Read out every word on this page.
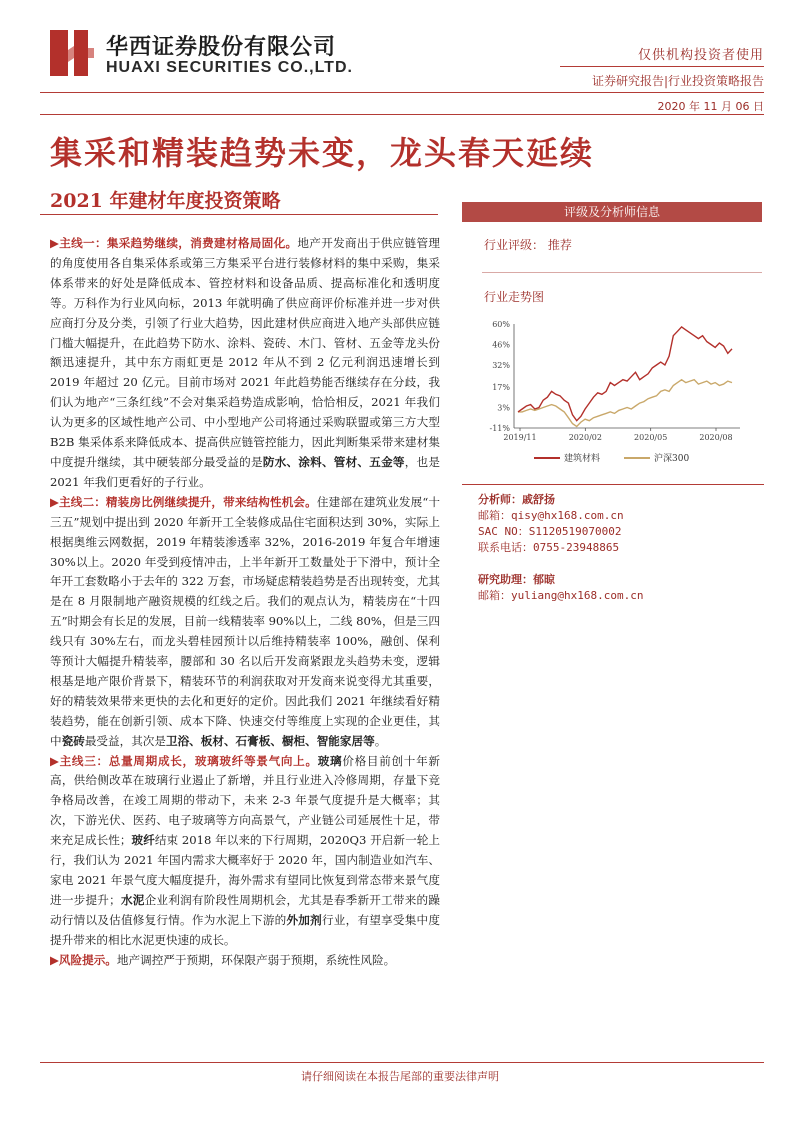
华西证券股份有限公司
HUAXI SECURITIES CO.,LTD.
仅供机构投资者使用
证券研究报告|行业投资策略报告
2020 年 11 月 06 日
集采和精装趋势未变，龙头春天延续
2021 年建材年度投资策略

▶主线一：集采趋势继续，消费建材格局固化。地产开发商出于供应链管理的角度使用各自集采体系或第三方集采平台进行装修材料的集中采购，集采体系带来的好处是降低成本、管控材料和设备品质、提高标准化和透明度等。万科作为行业风向标，2013 年就明确了供应商评价标准并进一步对供应商打分及分类，引领了行业大趋势，因此建材供应商进入地产头部供应链门槛大幅提升，在此趋势下防水、涂料、瓷砖、木门、管材、五金等龙头份额迅速提升，其中东方雨虹更是 2012 年从不到 2 亿元利润迅速增长到 2019 年超过 20 亿元。目前市场对 2021 年此趋势能否继续存在分歧，我们认为地产“三条红线”不会对集采趋势造成影响，恰恰相反，2021 年我们认为更多的区域性地产公司、中小型地产公司将通过采购联盟或第三方大型 B2B 集采体系来降低成本、提高供应链管控能力，因此判断集采带来建材集中度提升继续，其中硬装部分最受益的是防水、涂料、管材、五金等，也是 2021 年我们更看好的子行业。

▶主线二：精装房比例继续提升，带来结构性机会。住建部在建筑业发展“十三五”规划中提出到 2020 年新开工全装修成品住宅面积达到 30%，实际上根据奥维云网数据，2019 年精装渗透率 32%，2016-2019 年复合年增速 30%以上。2020 年受到疫情冲击，上半年新开工数量处于下滑中，预计全年开工套数略小于去年的 322 万套，市场疑虑精装趋势是否出现转变，尤其是在 8 月限制地产融资规模的红线之后。我们的观点认为，精装房在“十四五”时期会有长足的发展，目前一线精装率 90%以上，二线 80%，但是三四线只有 30%左右，而龙头碧桂园预计以后维持精装率 100%，融创、保利等预计大幅提升精装率，腰部和 30 名以后开发商紧跟龙头趋势未变，逻辑根基是地产限价背景下，精装环节的利润获取对开发商来说变得尤其重要，好的精装效果带来更快的去化和更好的定价。因此我们 2021 年继续看好精装趋势，能在创新引领、成本下降、快速交付等维度上实现的企业更佳，其中瓷砖最受益，其次是卫浴、板材、石膏板、橱柜、智能家居等。

▶主线三：总量周期成长，玻璃玻纤等景气向上。玻璃价格目前创十年新高，供给侧改革在玻璃行业遏止了新增，并且行业进入冷修周期，存量下竞争格局改善，在竣工周期的带动下，未来 2-3 年景气度提升是大概率；其次，下游光伏、医药、电子玻璃等方向高景气，产业链公司延展性十足，带来充足成长性；玻纤结束 2018 年以来的下行周期，2020Q3 开启新一轮上行，我们认为 2021 年国内需求大概率好于 2020 年，国内制造业如汽车、家电 2021 年景气度大幅度提升，海外需求有望同比恢复到常态带来景气度进一步提升；水泥企业利润有阶段性周期机会，尤其是春季新开工带来的躁动行情以及估值修复行情。作为水泥上下游的外加剂行业，有望享受集中度提升带来的相比水泥更快速的成长。

▶风险提示。地产调控严于预期，环保限产弱于预期，系统性风险。

评级及分析师信息
行业评级： 推荐
行业走势图
60%
46%
32%
17%
3%
-11%
2019/11	2020/02	2020/05	2020/08
建筑材料	沪深300
分析师：戚舒扬
邮箱：qisy@hx168.com.cn
SAC NO：S1120519070002
联系电话：0755-23948865
研究助理：郁晾
邮箱：yuliang@hx168.com.cn
请仔细阅读在本报告尾部的重要法律声明
